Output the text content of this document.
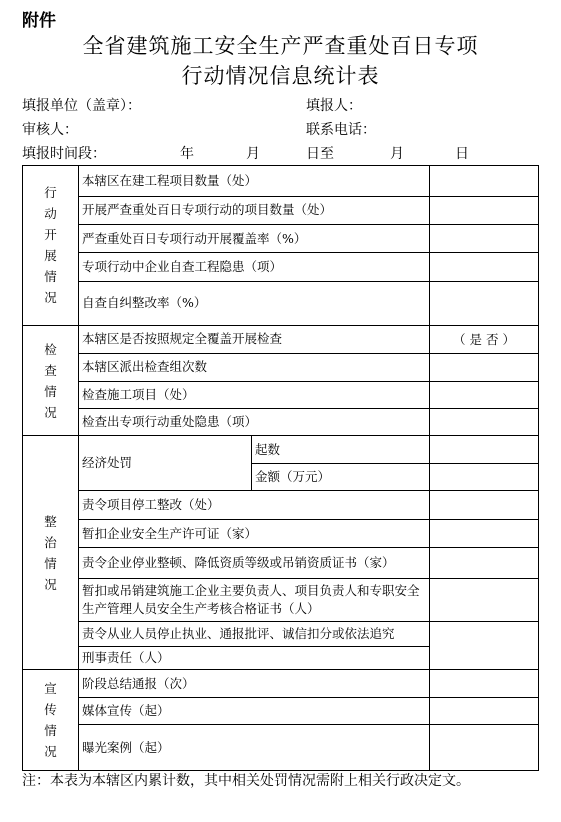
附件
全省建筑施工安全生产严查重处百日专项
行动情况信息统计表
填报单位（盖章）：	填报人：
审核人：	联系电话：
填报时间段：	年	月	日至	月	日
行动开展情况	本辖区在建工程项目数量（处）		
	开展严查重处百日专项行动的项目数量（处）		
	严查重处百日专项行动开展覆盖率（%）		
	专项行动中企业自查工程隐患（项）		
	自查自纠整改率（%）		
检查情况	本辖区是否按照规定全覆盖开展检查		（ 是 否 ）
	本辖区派出检查组次数		
	检查施工项目（处）		
	检查出专项行动重处隐患（项）		
整治情况	经济处罚	起数	
		金额（万元）	
	责令项目停工整改（处）		
	暂扣企业安全生产许可证（家）		
	责令企业停业整顿、降低资质等级或吊销资质证书（家）		
	暂扣或吊销建筑施工企业主要负责人、项目负责人和专职安全生产管理人员安全生产考核合格证书（人）		
	责令从业人员停止执业、通报批评、诚信扣分或依法追究		
	刑事责任（人）		
宣传情况	阶段总结通报（次）		
	媒体宣传（起）		
	曝光案例（起）		
注：本表为本辖区内累计数，其中相关处罚情况需附上相关行政决定文。
